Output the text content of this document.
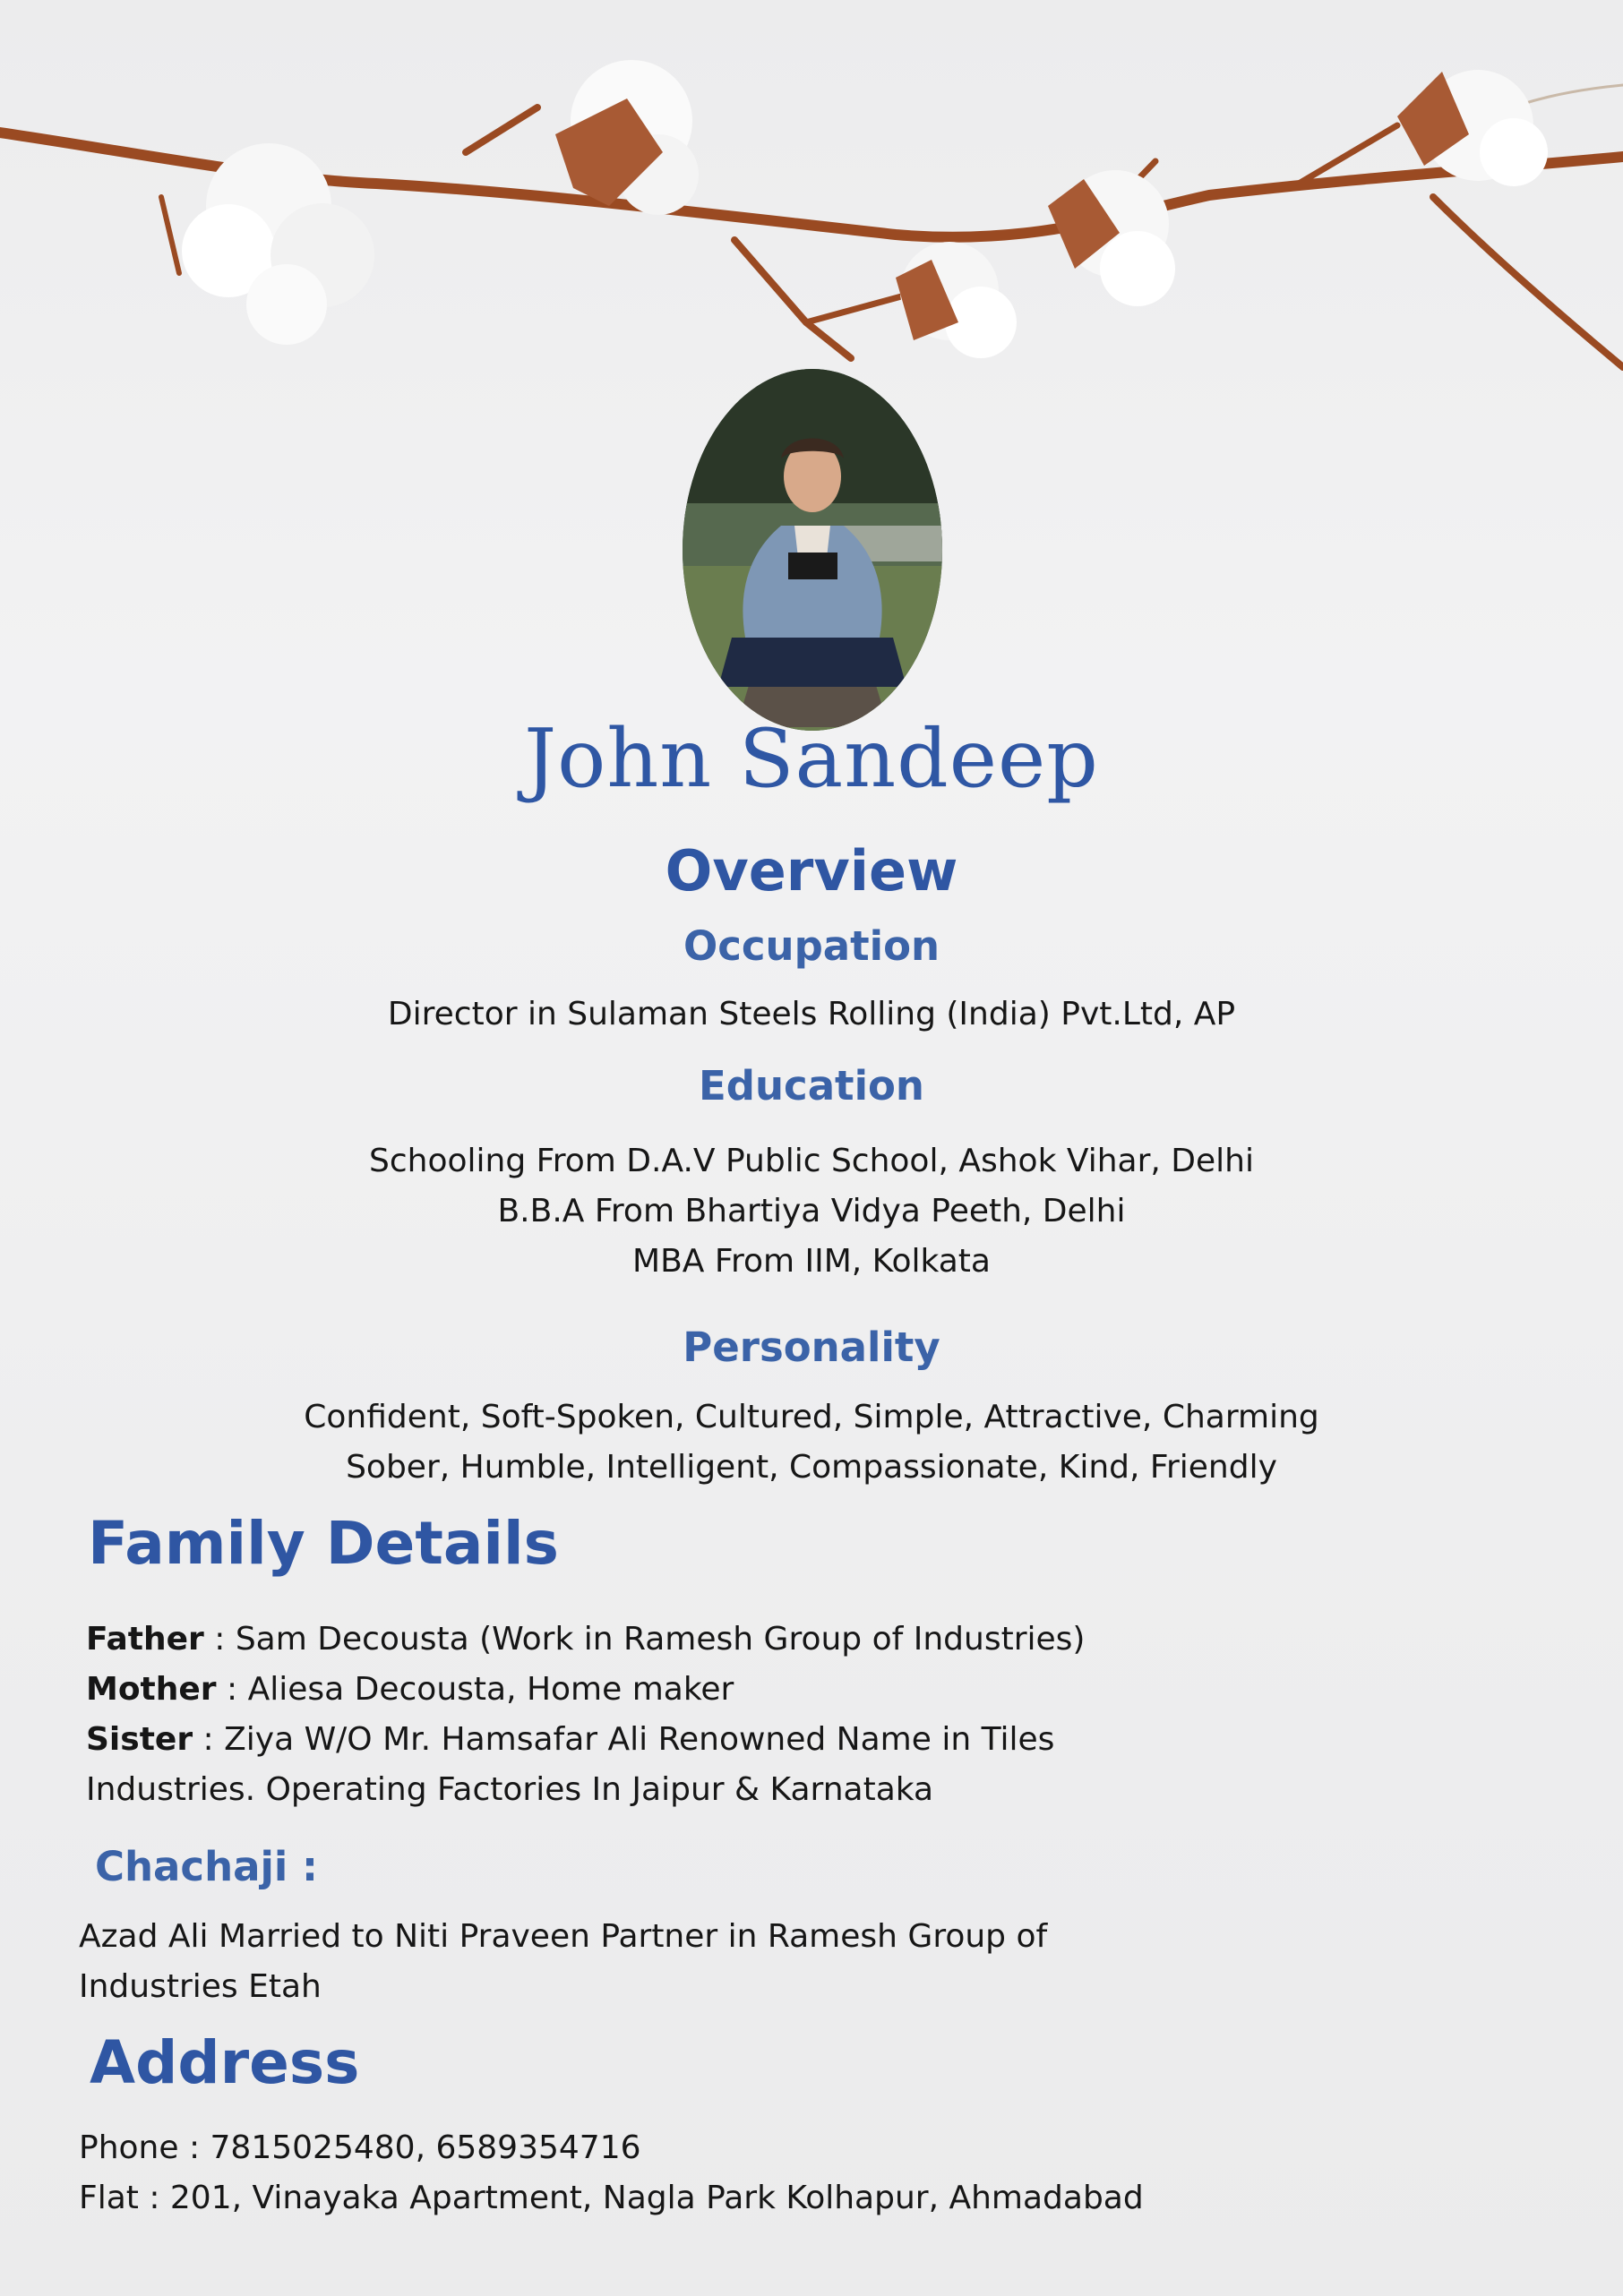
John Sandeep
Overview
Occupation
Director in Sulaman Steels Rolling (India) Pvt.Ltd, AP
Education
Schooling From D.A.V Public School, Ashok Vihar, Delhi
B.B.A From Bhartiya Vidya Peeth, Delhi
MBA From IIM, Kolkata
Personality
Confident, Soft-Spoken, Cultured, Simple, Attractive, Charming
Sober, Humble, Intelligent, Compassionate, Kind, Friendly
Family Details
Father : Sam Decousta (Work in Ramesh Group of Industries)
Mother : Aliesa Decousta, Home maker
Sister : Ziya W/O Mr. Hamsafar Ali Renowned Name in Tiles
Industries. Operating Factories In Jaipur & Karnataka
Chachaji :
Azad Ali Married to Niti Praveen Partner in Ramesh Group of
Industries Etah
Address
Phone : 7815025480, 6589354716
Flat : 201, Vinayaka Apartment, Nagla Park Kolhapur, Ahmadabad
